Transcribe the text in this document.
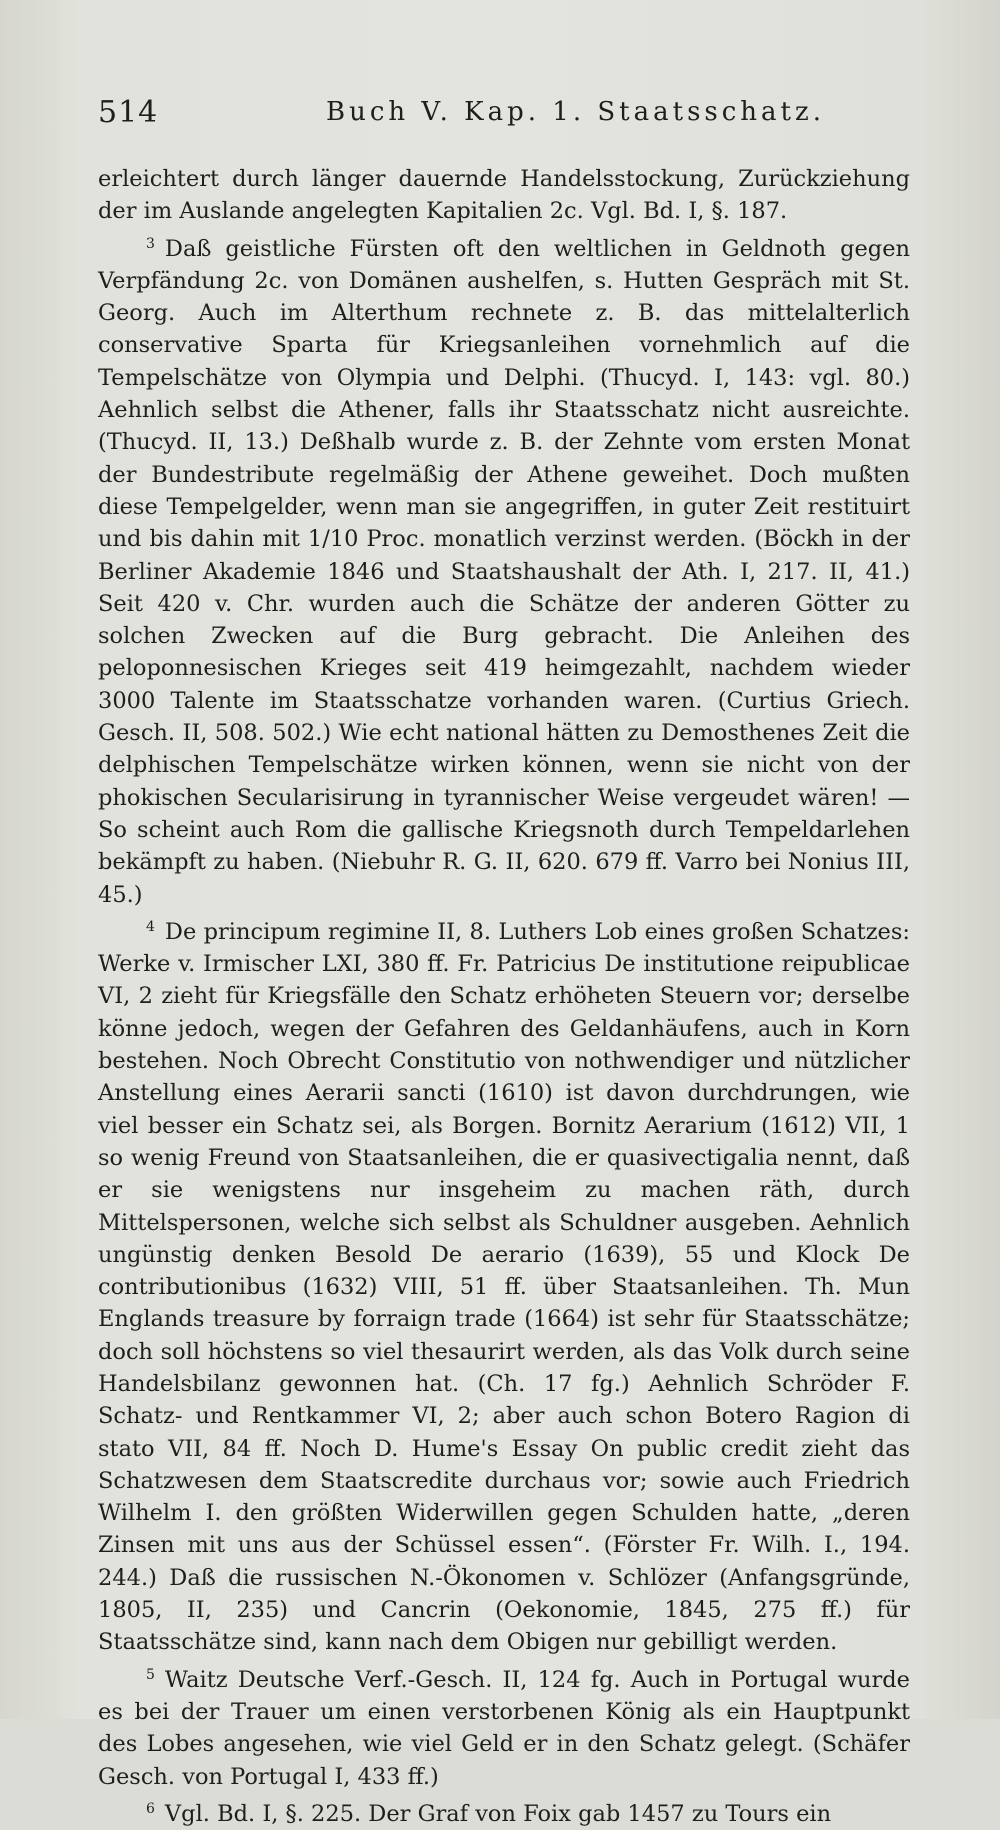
514	Buch V. Kap. 1. Staatsschatz.

erleichtert durch länger dauernde Handelsstockung, Zurückziehung der im Auslande angelegten Kapitalien 2c. Vgl. Bd. I, §. 187.

$^3$ Daß geistliche Fürsten oft den weltlichen in Geldnoth gegen Verpfändung 2c. von Domänen aushelfen, s. Hutten Gespräch mit St. Georg. Auch im Alterthum rechnete z. B. das mittelalterlich conservative Sparta für Kriegsanleihen vornehmlich auf die Tempelschätze von Olympia und Delphi. (Thucyd. I, 143: vgl. 80.) Aehnlich selbst die Athener, falls ihr Staatsschatz nicht ausreichte. (Thucyd. II, 13.) Deßhalb wurde z. B. der Zehnte vom ersten Monat der Bundestribute regelmäßig der Athene geweihet. Doch mußten diese Tempelgelder, wenn man sie angegriffen, in guter Zeit restituirt und bis dahin mit 1/10 Proc. monatlich verzinst werden. (Böckh in der Berliner Akademie 1846 und Staatshaushalt der Ath. I, 217. II, 41.) Seit 420 v. Chr. wurden auch die Schätze der anderen Götter zu solchen Zwecken auf die Burg gebracht. Die Anleihen des peloponnesischen Krieges seit 419 heimgezahlt, nachdem wieder 3000 Talente im Staatsschatze vorhanden waren. (Curtius Griech. Gesch. II, 508. 502.) Wie echt national hätten zu Demosthenes Zeit die delphischen Tempelschätze wirken können, wenn sie nicht von der phokischen Secularisirung in tyrannischer Weise vergeudet wären! — So scheint auch Rom die gallische Kriegsnoth durch Tempeldarlehen bekämpft zu haben. (Niebuhr R. G. II, 620. 679 ff. Varro bei Nonius III, 45.)

$^4$ De principum regimine II, 8. Luthers Lob eines großen Schatzes: Werke v. Irmischer LXI, 380 ff. Fr. Patricius De institutione reipublicae VI, 2 zieht für Kriegsfälle den Schatz erhöheten Steuern vor; derselbe könne jedoch, wegen der Gefahren des Geldanhäufens, auch in Korn bestehen. Noch Obrecht Constitutio von nothwendiger und nützlicher Anstellung eines Aerarii sancti (1610) ist davon durchdrungen, wie viel besser ein Schatz sei, als Borgen. Bornitz Aerarium (1612) VII, 1 so wenig Freund von Staatsanleihen, die er quasivectigalia nennt, daß er sie wenigstens nur insgeheim zu machen räth, durch Mittelspersonen, welche sich selbst als Schuldner ausgeben. Aehnlich ungünstig denken Besold De aerario (1639), 55 und Klock De contributionibus (1632) VIII, 51 ff. über Staatsanleihen. Th. Mun Englands treasure by forraign trade (1664) ist sehr für Staatsschätze; doch soll höchstens so viel thesaurirt werden, als das Volk durch seine Handelsbilanz gewonnen hat. (Ch. 17 fg.) Aehnlich Schröder F. Schatz- und Rentkammer VI, 2; aber auch schon Botero Ragion di stato VII, 84 ff. Noch D. Hume's Essay On public credit zieht das Schatzwesen dem Staatscredite durchaus vor; sowie auch Friedrich Wilhelm I. den größten Widerwillen gegen Schulden hatte, „deren Zinsen mit uns aus der Schüssel essen“. (Förster Fr. Wilh. I., 194. 244.) Daß die russischen N.-Ökonomen v. Schlözer (Anfangsgründe, 1805, II, 235) und Cancrin (Oekonomie, 1845, 275 ff.) für Staatsschätze sind, kann nach dem Obigen nur gebilligt werden.

$^5$ Waitz Deutsche Verf.-Gesch. II, 124 fg. Auch in Portugal wurde es bei der Trauer um einen verstorbenen König als ein Hauptpunkt des Lobes angesehen, wie viel Geld er in den Schatz gelegt. (Schäfer Gesch. von Portugal I, 433 ff.)

$^6$ Vgl. Bd. I, §. 225. Der Graf von Foix gab 1457 zu Tours ein
